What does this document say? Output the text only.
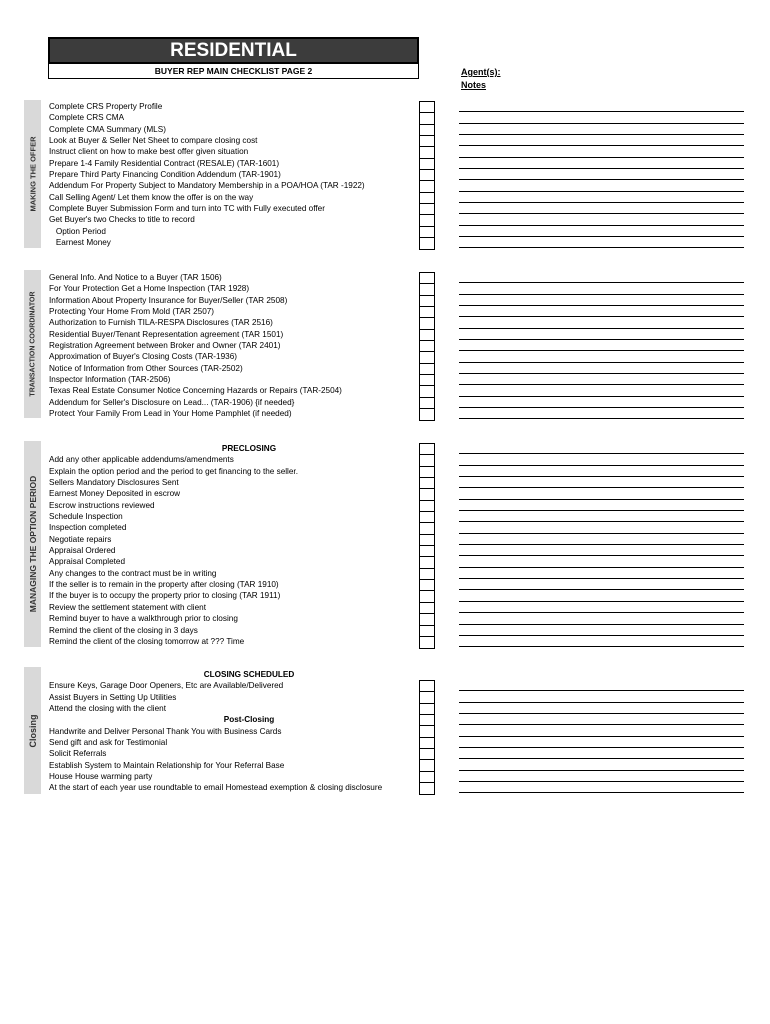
RESIDENTIAL
BUYER REP MAIN CHECKLIST PAGE 2	Agent(s):
Notes
MAKING THE OFFER
Complete CRS Property Profile
Complete CRS CMA
Complete CMA Summary (MLS)
Look at Buyer & Seller Net Sheet to compare closing cost
Instruct client on how to make best offer given situation
Prepare 1-4 Family Residential Contract (RESALE) (TAR-1601)
Prepare Third Party Financing Condition Addendum (TAR-1901)
Addendum For Property Subject to Mandatory Membership in a POA/HOA (TAR -1922)
Call Selling Agent/ Let them know the offer is on the way
Complete Buyer Submission Form and turn into TC with Fully executed offer
Get Buyer's two Checks to title to record
Option Period
Earnest Money
TRANSACTION COORDINATOR
General Info. And Notice to a Buyer (TAR 1506)
For Your Protection Get a Home Inspection (TAR 1928)
Information About Property Insurance for Buyer/Seller (TAR 2508)
Protecting Your Home From Mold (TAR 2507)
Authorization to Furnish TILA-RESPA Disclosures (TAR 2516)
Residential Buyer/Tenant Representation agreement (TAR 1501)
Registration Agreement between Broker and Owner (TAR 2401)
Approximation of Buyer's Closing Costs (TAR-1936)
Notice of Information from Other Sources (TAR-2502)
Inspector Information (TAR-2506)
Texas Real Estate Consumer Notice Concerning Hazards or Repairs (TAR-2504)
Addendum for Seller's Disclosure on Lead... (TAR-1906) {if needed}
Protect Your Family From Lead in Your Home Pamphlet (if needed)
MANAGING THE OPTION PERIOD
PRECLOSING
Add any other applicable addendums/amendments
Explain the option period and the period to get financing to the seller.
Sellers Mandatory Disclosures Sent
Earnest Money Deposited in escrow
Escrow instructions reviewed
Schedule Inspection
Inspection completed
Negotiate repairs
Appraisal Ordered
Appraisal Completed
Any changes to the contract must be in writing
If the seller is to remain in the property after closing (TAR 1910)
If the buyer is to occupy the property prior to closing (TAR 1911)
Review the settlement statement with client
Remind buyer to have a walkthrough prior to closing
Remind the client of the closing in 3 days
Remind the client of the closing tomorrow at ??? Time
Closing
CLOSING SCHEDULED
Ensure Keys, Garage Door Openers, Etc are Available/Delivered
Assist Buyers in Setting Up Utilities
Attend the closing with the client
Post-Closing
Handwrite and Deliver Personal Thank You with Business Cards
Send gift and ask for Testimonial
Solicit Referrals
Establish System to Maintain Relationship for Your Referral Base
House House warming party
At the start of each year use roundtable to email Homestead exemption & closing disclosure
